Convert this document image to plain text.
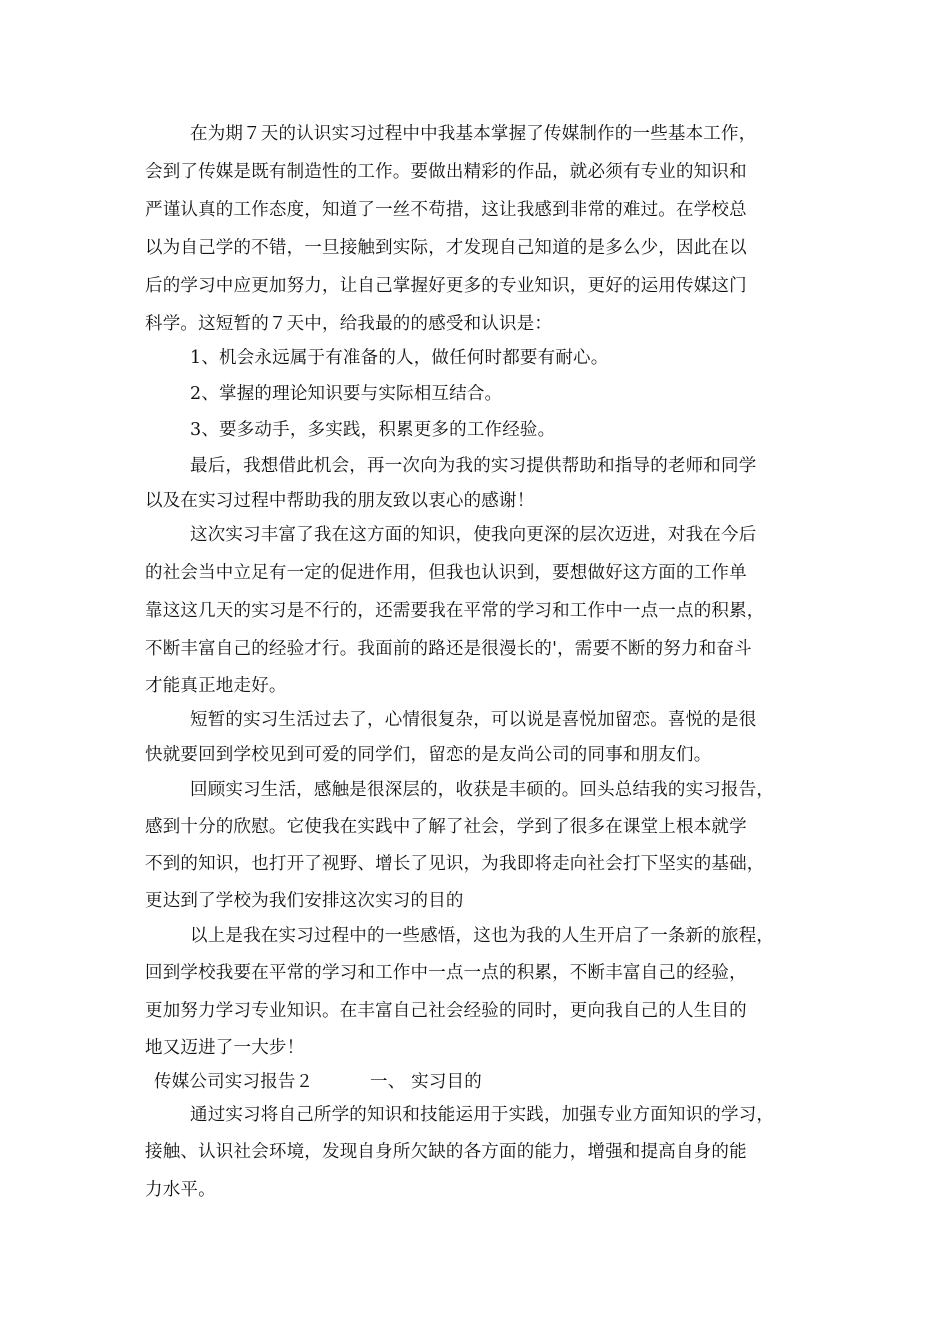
在为期７天的认识实习过程中中我基本掌握了传媒制作的一些基本工作，
会到了传媒是既有制造性的工作。要做出精彩的作品，就必须有专业的知识和
严谨认真的工作态度，知道了一丝不苟措，这让我感到非常的难过。在学校总
以为自己学的不错，一旦接触到实际，才发现自己知道的是多么少，因此在以
后的学习中应更加努力，让自己掌握好更多的专业知识，更好的运用传媒这门
科学。这短暂的７天中，给我最的的感受和认识是：
1、机会永远属于有准备的人，做任何时都要有耐心。
2、掌握的理论知识要与实际相互结合。
3、要多动手，多实践，积累更多的工作经验。
最后，我想借此机会，再一次向为我的实习提供帮助和指导的老师和同学
以及在实习过程中帮助我的朋友致以衷心的感谢！
这次实习丰富了我在这方面的知识，使我向更深的层次迈进，对我在今后
的社会当中立足有一定的促进作用，但我也认识到，要想做好这方面的工作单
靠这这几天的实习是不行的，还需要我在平常的学习和工作中一点一点的积累，
不断丰富自己的经验才行。我面前的路还是很漫长的'，需要不断的努力和奋斗
才能真正地走好。
短暂的实习生活过去了，心情很复杂，可以说是喜悦加留恋。喜悦的是很
快就要回到学校见到可爱的同学们，留恋的是友尚公司的同事和朋友们。
回顾实习生活，感触是很深层的，收获是丰硕的。回头总结我的实习报告，
感到十分的欣慰。它使我在实践中了解了社会，学到了很多在课堂上根本就学
不到的知识，也打开了视野、增长了见识，为我即将走向社会打下坚实的基础，
更达到了学校为我们安排这次实习的目的
以上是我在实习过程中的一些感悟，这也为我的人生开启了一条新的旅程，
回到学校我要在平常的学习和工作中一点一点的积累，不断丰富自己的经验，
更加努力学习专业知识。在丰富自己社会经验的同时，更向我自己的人生目的
地又迈进了一大步！
传媒公司实习报告２	一、 实习目的
通过实习将自己所学的知识和技能运用于实践，加强专业方面知识的学习，
接触、认识社会环境，发现自身所欠缺的各方面的能力，增强和提高自身的能
力水平。
